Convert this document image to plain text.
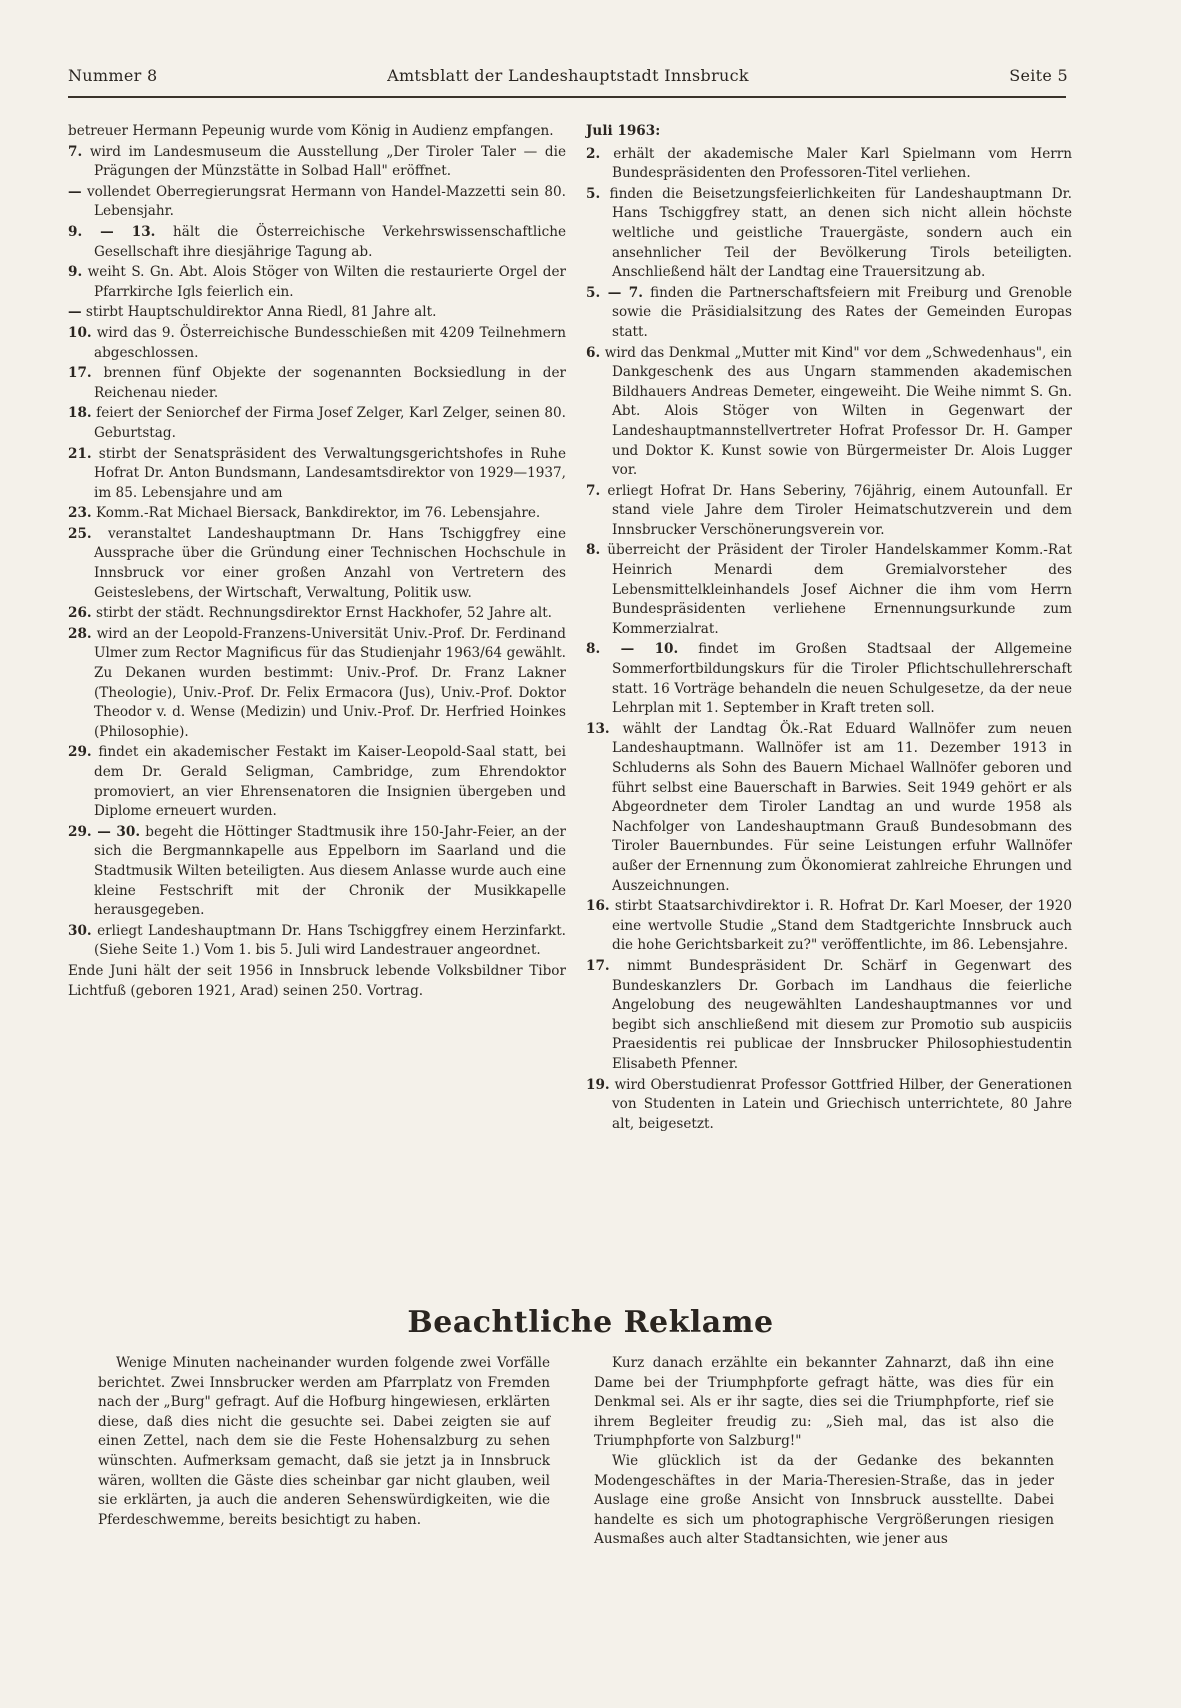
Nummer 8	Amtsblatt der Landeshauptstadt Innsbruck	Seite 5
betreuer Hermann Pepeunig wurde vom König in Audienz empfangen.
7. wird im Landesmuseum die Ausstellung „Der Tiroler Taler — die Prägungen der Münzstätte in Solbad Hall" eröffnet.
— vollendet Oberregierungsrat Hermann von Handel-Mazzetti sein 80. Lebensjahr.
9. — 13. hält die Österreichische Verkehrswissenschaftliche Gesellschaft ihre diesjährige Tagung ab.
9. weiht S. Gn. Abt. Alois Stöger von Wilten die restaurierte Orgel der Pfarrkirche Igls feierlich ein.
— stirbt Hauptschuldirektor Anna Riedl, 81 Jahre alt.
10. wird das 9. Österreichische Bundesschießen mit 4209 Teilnehmern abgeschlossen.
17. brennen fünf Objekte der sogenannten Bocksiedlung in der Reichenau nieder.
18. feiert der Seniorchef der Firma Josef Zelger, Karl Zelger, seinen 80. Geburtstag.
21. stirbt der Senatspräsident des Verwaltungsgerichtshofes in Ruhe Hofrat Dr. Anton Bundsmann, Landesamtsdirektor von 1929—1937, im 85. Lebensjahre und am
23. Komm.-Rat Michael Biersack, Bankdirektor, im 76. Lebensjahre.
25. veranstaltet Landeshauptmann Dr. Hans Tschiggfrey eine Aussprache über die Gründung einer Technischen Hochschule in Innsbruck vor einer großen Anzahl von Vertretern des Geisteslebens, der Wirtschaft, Verwaltung, Politik usw.
26. stirbt der städt. Rechnungsdirektor Ernst Hackhofer, 52 Jahre alt.
28. wird an der Leopold-Franzens-Universität Univ.-Prof. Dr. Ferdinand Ulmer zum Rector Magnificus für das Studienjahr 1963/64 gewählt. Zu Dekanen wurden bestimmt: Univ.-Prof. Dr. Franz Lakner (Theologie), Univ.-Prof. Dr. Felix Ermacora (Jus), Univ.-Prof. Doktor Theodor v. d. Wense (Medizin) und Univ.-Prof. Dr. Herfried Hoinkes (Philosophie).
29. findet ein akademischer Festakt im Kaiser-Leopold-Saal statt, bei dem Dr. Gerald Seligman, Cambridge, zum Ehrendoktor promoviert, an vier Ehrensenatoren die Insignien übergeben und Diplome erneuert wurden.
29. — 30. begeht die Höttinger Stadtmusik ihre 150-Jahr-Feier, an der sich die Bergmannkapelle aus Eppelborn im Saarland und die Stadtmusik Wilten beteiligten. Aus diesem Anlasse wurde auch eine kleine Festschrift mit der Chronik der Musikkapelle herausgegeben.
30. erliegt Landeshauptmann Dr. Hans Tschiggfrey einem Herzinfarkt. (Siehe Seite 1.) Vom 1. bis 5. Juli wird Landestrauer angeordnet.
Ende Juni hält der seit 1956 in Innsbruck lebende Volksbildner Tibor Lichtfuß (geboren 1921, Arad) seinen 250. Vortrag.
Juli 1963:
2. erhält der akademische Maler Karl Spielmann vom Herrn Bundespräsidenten den Professoren-Titel verliehen.
5. finden die Beisetzungsfeierlichkeiten für Landeshauptmann Dr. Hans Tschiggfrey statt, an denen sich nicht allein höchste weltliche und geistliche Trauergäste, sondern auch ein ansehnlicher Teil der Bevölkerung Tirols beteiligten. Anschließend hält der Landtag eine Trauersitzung ab.
5. — 7. finden die Partnerschaftsfeiern mit Freiburg und Grenoble sowie die Präsidialsitzung des Rates der Gemeinden Europas statt.
6. wird das Denkmal „Mutter mit Kind" vor dem „Schwedenhaus", ein Dankgeschenk des aus Ungarn stammenden akademischen Bildhauers Andreas Demeter, eingeweiht. Die Weihe nimmt S. Gn. Abt. Alois Stöger von Wilten in Gegenwart der Landeshauptmannstellvertreter Hofrat Professor Dr. H. Gamper und Doktor K. Kunst sowie von Bürgermeister Dr. Alois Lugger vor.
7. erliegt Hofrat Dr. Hans Seberiny, 76jährig, einem Autounfall. Er stand viele Jahre dem Tiroler Heimatschutzverein und dem Innsbrucker Verschönerungsverein vor.
8. überreicht der Präsident der Tiroler Handelskammer Komm.-Rat Heinrich Menardi dem Gremialvorsteher des Lebensmittelkleinhandels Josef Aichner die ihm vom Herrn Bundespräsidenten verliehene Ernennungsurkunde zum Kommerzialrat.
8. — 10. findet im Großen Stadtsaal der Allgemeine Sommerfortbildungskurs für die Tiroler Pflichtschullehrerschaft statt. 16 Vorträge behandeln die neuen Schulgesetze, da der neue Lehrplan mit 1. September in Kraft treten soll.
13. wählt der Landtag Ök.-Rat Eduard Wallnöfer zum neuen Landeshauptmann. Wallnöfer ist am 11. Dezember 1913 in Schluderns als Sohn des Bauern Michael Wallnöfer geboren und führt selbst eine Bauerschaft in Barwies. Seit 1949 gehört er als Abgeordneter dem Tiroler Landtag an und wurde 1958 als Nachfolger von Landeshauptmann Grauß Bundesobmann des Tiroler Bauernbundes. Für seine Leistungen erfuhr Wallnöfer außer der Ernennung zum Ökonomierat zahlreiche Ehrungen und Auszeichnungen.
16. stirbt Staatsarchivdirektor i. R. Hofrat Dr. Karl Moeser, der 1920 eine wertvolle Studie „Stand dem Stadtgerichte Innsbruck auch die hohe Gerichtsbarkeit zu?" veröffentlichte, im 86. Lebensjahre.
17. nimmt Bundespräsident Dr. Schärf in Gegenwart des Bundeskanzlers Dr. Gorbach im Landhaus die feierliche Angelobung des neugewählten Landeshauptmannes vor und begibt sich anschließend mit diesem zur Promotio sub auspiciis Praesidentis rei publicae der Innsbrucker Philosophiestudentin Elisabeth Pfenner.
19. wird Oberstudienrat Professor Gottfried Hilber, der Generationen von Studenten in Latein und Griechisch unterrichtete, 80 Jahre alt, beigesetzt.
Beachtliche Reklame

Wenige Minuten nacheinander wurden folgende zwei Vorfälle berichtet. Zwei Innsbrucker werden am Pfarrplatz von Fremden nach der „Burg" gefragt. Auf die Hofburg hingewiesen, erklärten diese, daß dies nicht die gesuchte sei. Dabei zeigten sie auf einen Zettel, nach dem sie die Feste Hohensalzburg zu sehen wünschten. Aufmerksam gemacht, daß sie jetzt ja in Innsbruck wären, wollten die Gäste dies scheinbar gar nicht glauben, weil sie erklärten, ja auch die anderen Sehenswürdigkeiten, wie die Pferdeschwemme, bereits besichtigt zu haben.

Kurz danach erzählte ein bekannter Zahnarzt, daß ihn eine Dame bei der Triumphpforte gefragt hätte, was dies für ein Denkmal sei. Als er ihr sagte, dies sei die Triumphpforte, rief sie ihrem Begleiter freudig zu: „Sieh mal, das ist also die Triumphpforte von Salzburg!"

Wie glücklich ist da der Gedanke des bekannten Modengeschäftes in der Maria-Theresien-Straße, das in jeder Auslage eine große Ansicht von Innsbruck ausstellte. Dabei handelte es sich um photographische Vergrößerungen riesigen Ausmaßes auch alter Stadtansichten, wie jener aus
